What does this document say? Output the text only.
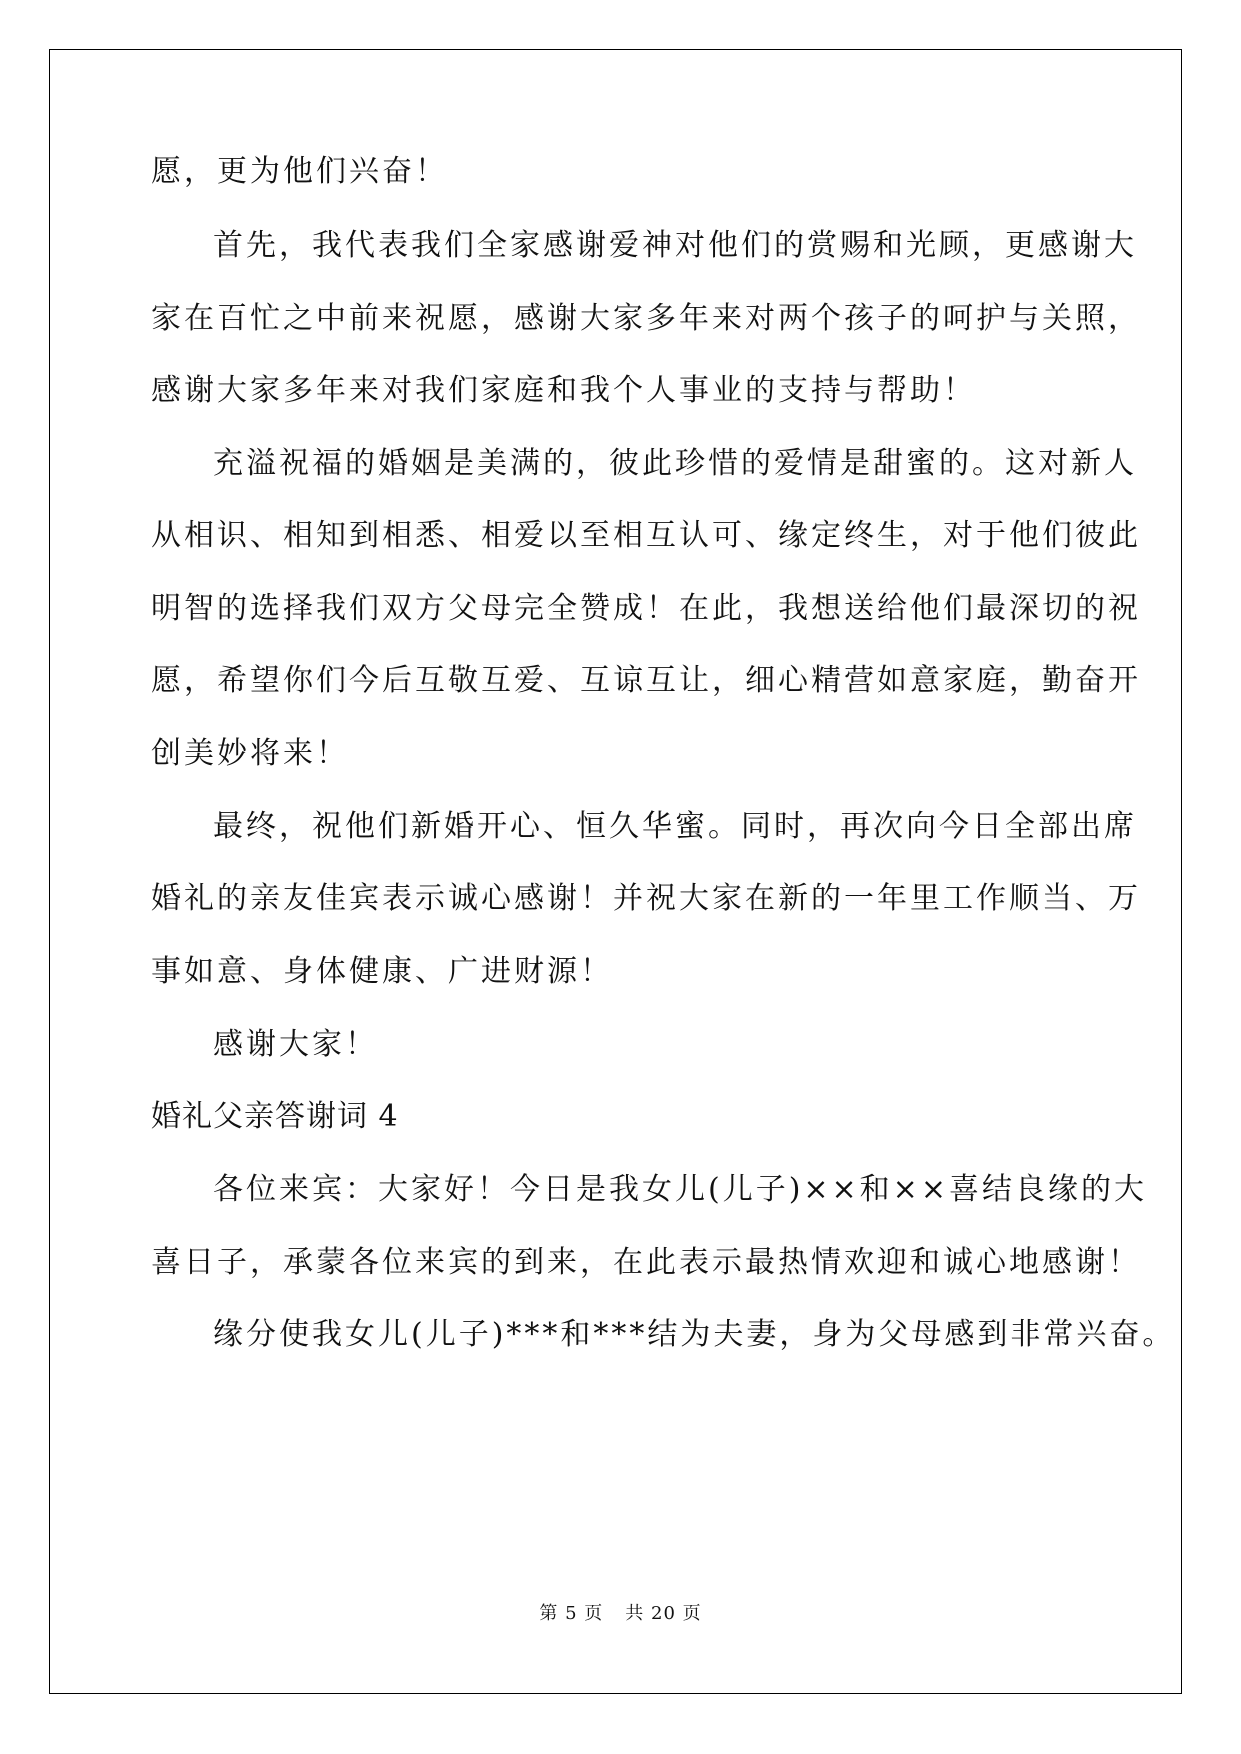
愿，更为他们兴奋！
首先，我代表我们全家感谢爱神对他们的赏赐和光顾，更感谢大
家在百忙之中前来祝愿，感谢大家多年来对两个孩子的呵护与关照，
感谢大家多年来对我们家庭和我个人事业的支持与帮助！
充溢祝福的婚姻是美满的，彼此珍惜的爱情是甜蜜的。这对新人
从相识、相知到相悉、相爱以至相互认可、缘定终生，对于他们彼此
明智的选择我们双方父母完全赞成！在此，我想送给他们最深切的祝
愿，希望你们今后互敬互爱、互谅互让，细心精营如意家庭，勤奋开
创美妙将来！
最终，祝他们新婚开心、恒久华蜜。同时，再次向今日全部出席
婚礼的亲友佳宾表示诚心感谢！并祝大家在新的一年里工作顺当、万
事如意、身体健康、广进财源！
感谢大家！
婚礼父亲答谢词 4
各位来宾：大家好！今日是我女儿(儿子)××和××喜结良缘的大
喜日子，承蒙各位来宾的到来，在此表示最热情欢迎和诚心地感谢！
缘分使我女儿(儿子)***和***结为夫妻，身为父母感到非常兴奋。
第 5 页 共 20 页
